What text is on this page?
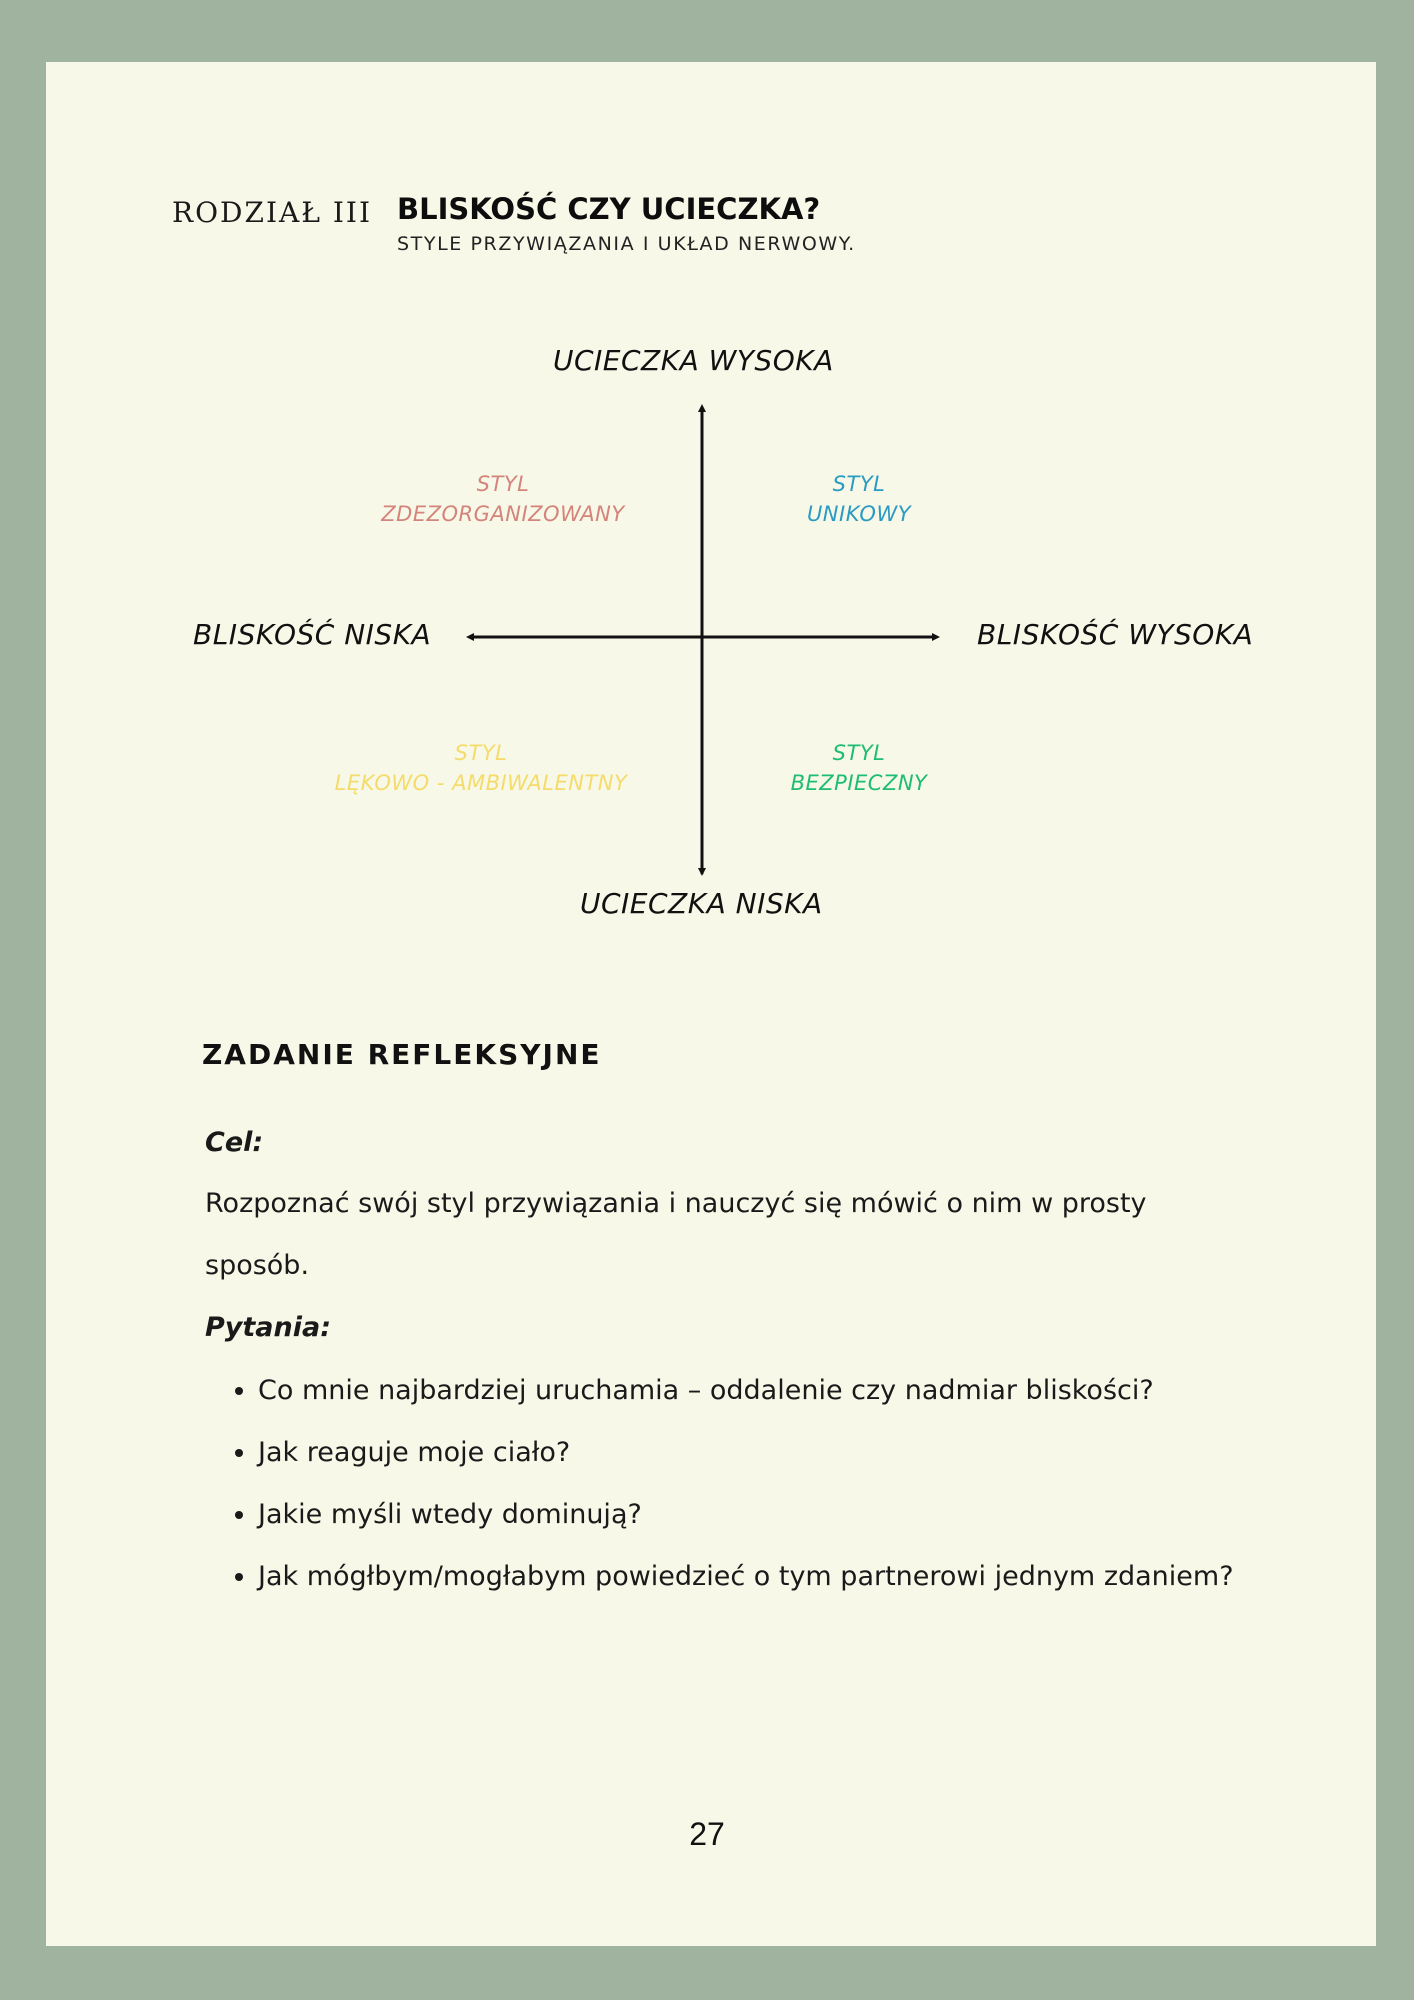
RODZIAŁ III BLISKOŚĆ CZY UCIECZKA?
STYLE PRZYWIĄZANIA I UKŁAD NERWOWY.
UCIECZKA WYSOKA
UCIECZKA NISKA
BLISKOŚĆ NISKA	BLISKOŚĆ WYSOKA
STYL
ZDEZORGANIZOWANY
STYL
UNIKOWY
STYL
LĘKOWO - AMBIWALENTNY
STYL
BEZPIECZNY
ZADANIE REFLEKSYJNE
Cel:
Rozpoznać swój styl przywiązania i nauczyć się mówić o nim w prosty sposób.
Pytania:
• Co mnie najbardziej uruchamia – oddalenie czy nadmiar bliskości?
• Jak reaguje moje ciało?
• Jakie myśli wtedy dominują?
• Jak mógłbym/mogłabym powiedzieć o tym partnerowi jednym zdaniem?
27
